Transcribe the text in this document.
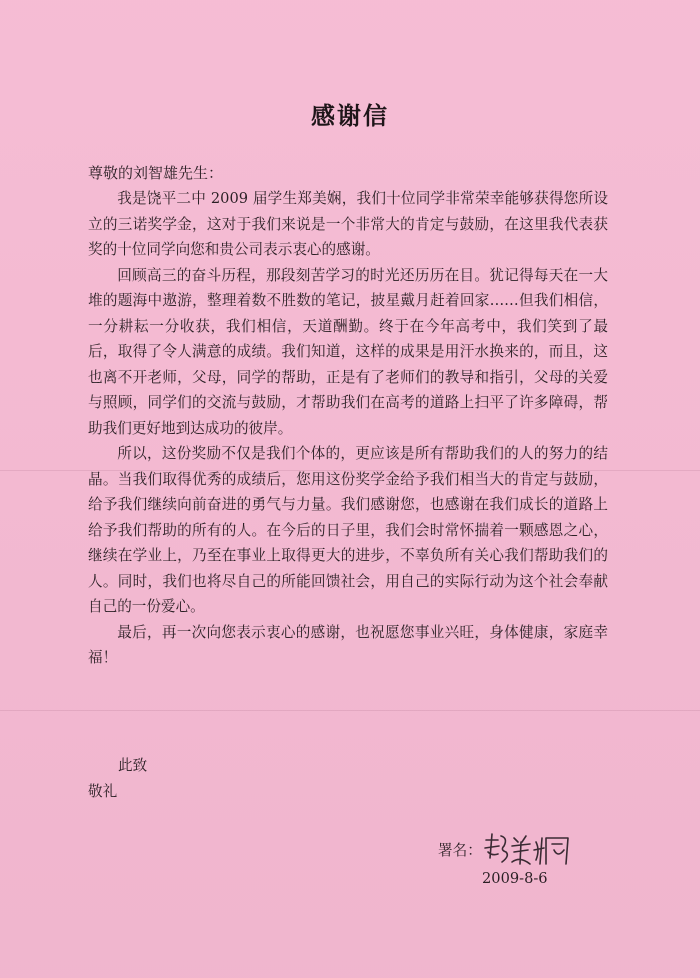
感谢信
尊敬的刘智雄先生：

我是饶平二中 2009 届学生郑美娴，我们十位同学非常荣幸能够获得您所设立的三诺奖学金，这对于我们来说是一个非常大的肯定与鼓励，在这里我代表获奖的十位同学向您和贵公司表示衷心的感谢。

回顾高三的奋斗历程，那段刻苦学习的时光还历历在目。犹记得每天在一大堆的题海中遨游，整理着数不胜数的笔记，披星戴月赶着回家……但我们相信，一分耕耘一分收获，我们相信，天道酬勤。终于在今年高考中，我们笑到了最后，取得了令人满意的成绩。我们知道，这样的成果是用汗水换来的，而且，这也离不开老师，父母，同学的帮助，正是有了老师们的教导和指引，父母的关爱与照顾，同学们的交流与鼓励，才帮助我们在高考的道路上扫平了许多障碍，帮助我们更好地到达成功的彼岸。

所以，这份奖励不仅是我们个体的，更应该是所有帮助我们的人的努力的结晶。当我们取得优秀的成绩后，您用这份奖学金给予我们相当大的肯定与鼓励，给予我们继续向前奋进的勇气与力量。我们感谢您，也感谢在我们成长的道路上给予我们帮助的所有的人。在今后的日子里，我们会时常怀揣着一颗感恩之心，继续在学业上，乃至在事业上取得更大的进步，不辜负所有关心我们帮助我们的人。同时，我们也将尽自己的所能回馈社会，用自己的实际行动为这个社会奉献自己的一份爱心。

最后，再一次向您表示衷心的感谢，也祝愿您事业兴旺，身体健康，家庭幸福！

此致
敬礼
署名：
2009-8-6
